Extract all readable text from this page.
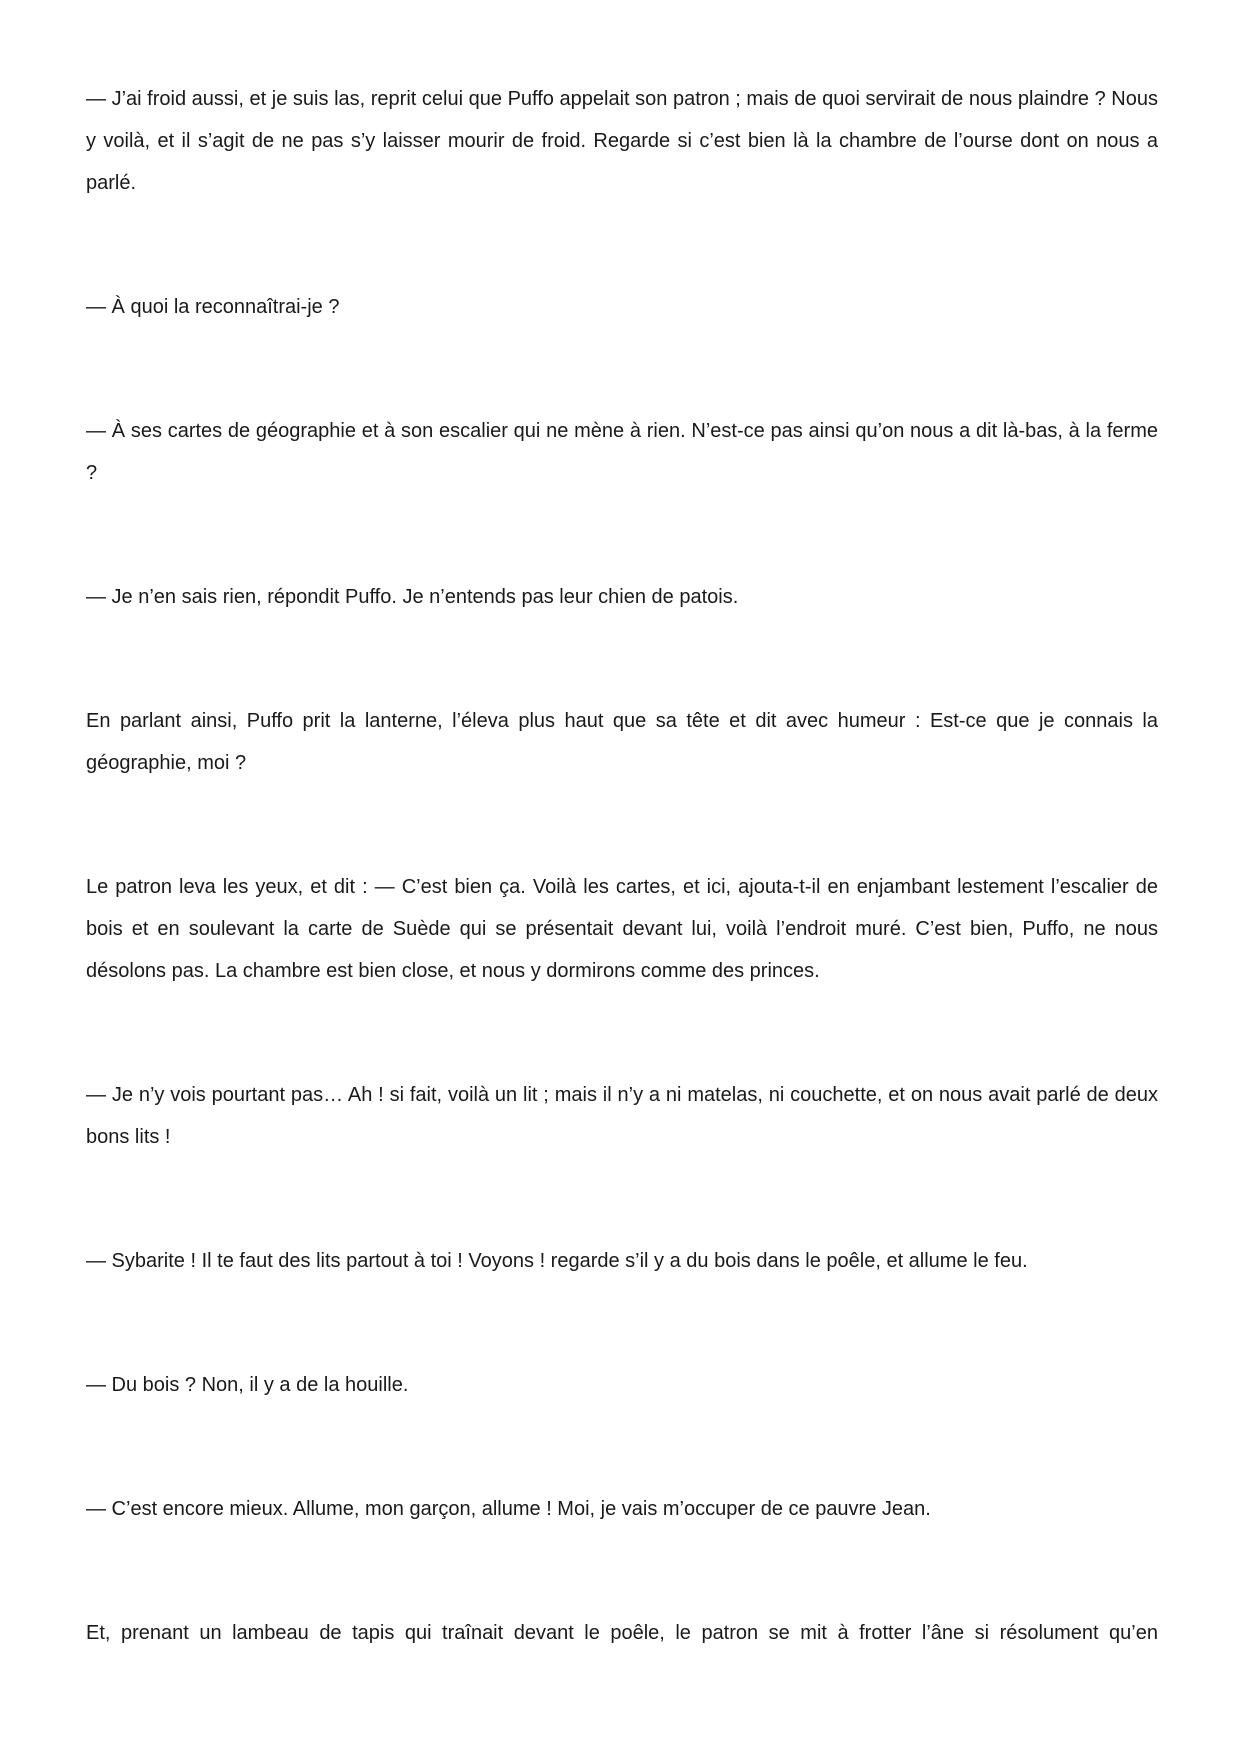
— J’ai froid aussi, et je suis las, reprit celui que Puffo appelait son patron ; mais de quoi servirait de nous plaindre ? Nous y voilà, et il s’agit de ne pas s’y laisser mourir de froid. Regarde si c’est bien là la chambre de l’ourse dont on nous a parlé.

— À quoi la reconnaîtrai-je ?

— À ses cartes de géographie et à son escalier qui ne mène à rien. N’est-ce pas ainsi qu’on nous a dit là-bas, à la ferme ?

— Je n’en sais rien, répondit Puffo. Je n’entends pas leur chien de patois.

En parlant ainsi, Puffo prit la lanterne, l’éleva plus haut que sa tête et dit avec humeur : Est-ce que je connais la géographie, moi ?

Le patron leva les yeux, et dit : — C’est bien ça. Voilà les cartes, et ici, ajouta-t-il en enjambant lestement l’escalier de bois et en soulevant la carte de Suède qui se présentait devant lui, voilà l’endroit muré. C’est bien, Puffo, ne nous désolons pas. La chambre est bien close, et nous y dormirons comme des princes.

— Je n’y vois pourtant pas… Ah ! si fait, voilà un lit ; mais il n’y a ni matelas, ni couchette, et on nous avait parlé de deux bons lits !

— Sybarite ! Il te faut des lits partout à toi ! Voyons ! regarde s’il y a du bois dans le poêle, et allume le feu.

— Du bois ? Non, il y a de la houille.

— C’est encore mieux. Allume, mon garçon, allume ! Moi, je vais m’occuper de ce pauvre Jean.

Et, prenant un lambeau de tapis qui traînait devant le poêle, le patron se mit à frotter l’âne si résolument qu’en
